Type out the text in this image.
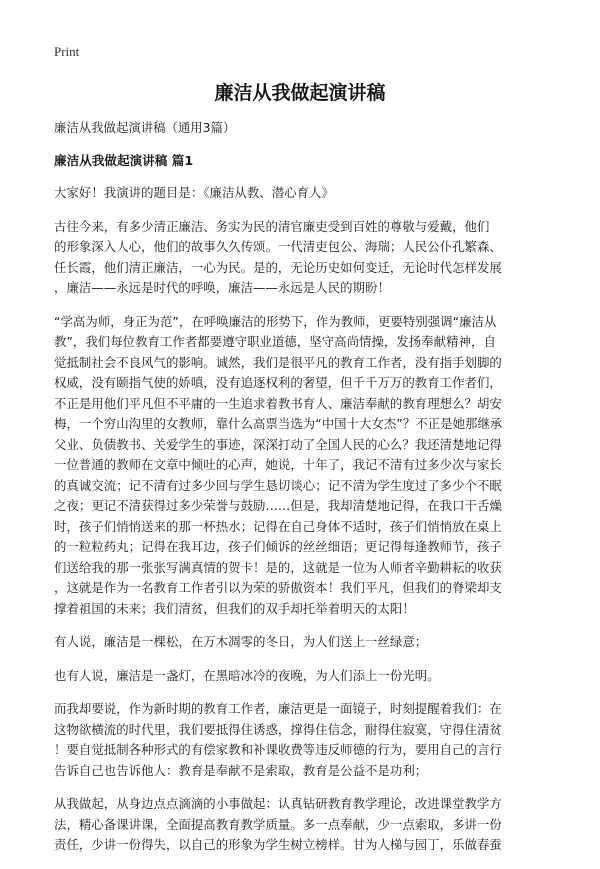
Print
廉洁从我做起演讲稿
廉洁从我做起演讲稿（通用3篇）
廉洁从我做起演讲稿 篇1
大家好！我演讲的题目是：《廉洁从教、潜心育人》
古往今来，有多少清正廉洁、务实为民的清官廉吏受到百姓的尊敬与爱戴，他们
的形象深入人心，他们的故事久久传颂。一代清吏包公、海瑞；人民公仆孔繁森、
任长霞，他们清正廉洁，一心为民。是的，无论历史如何变迁，无论时代怎样发展
，廉洁——永远是时代的呼唤，廉洁——永远是人民的期盼！
“学高为师，身正为范”，在呼唤廉洁的形势下，作为教师，更要特别强调“廉洁从
教”，我们每位教育工作者都要遵守职业道德，坚守高尚情操，发扬奉献精神，自
觉抵制社会不良风气的影响。诚然，我们是很平凡的教育工作者，没有指手划脚的
权威，没有颐指气使的娇嗔，没有追逐权利的奢望，但千千万万的教育工作者们，
不正是用他们平凡但不平庸的一生追求着教书育人、廉洁奉献的教育理想么？胡安
梅，一个穷山沟里的女教师，靠什么高票当选为“中国十大女杰”？不正是她那继承
父业、负债教书、关爱学生的事迹，深深打动了全国人民的心么？我还清楚地记得
一位普通的教师在文章中倾吐的心声，她说，十年了，我记不清有过多少次与家长
的真诚交流；记不清有过多少回与学生恳切谈心；记不清为学生度过了多少个不眠
之夜；更记不清获得过多少荣誉与鼓励……但是，我却清楚地记得，在我口干舌燥
时，孩子们悄悄送来的那一杯热水；记得在自己身体不适时，孩子们悄悄放在桌上
的一粒粒药丸；记得在我耳边，孩子们倾诉的丝丝细语；更记得每逢教师节，孩子
们送给我的那一张张写满真情的贺卡！是的，这就是一位为人师者辛勤耕耘的收获
，这就是作为一名教育工作者引以为荣的骄傲资本！我们平凡，但我们的脊梁却支
撑着祖国的未来；我们清贫，但我们的双手却托举着明天的太阳！
有人说，廉洁是一棵松，在万木凋零的冬日，为人们送上一丝绿意；
也有人说，廉洁是一盏灯，在黑暗冰冷的夜晚，为人们添上一份光明。
而我却要说，作为新时期的教育工作者，廉洁更是一面镜子，时刻提醒着我们：在
这物欲横流的时代里，我们要抵得住诱惑，撑得住信念，耐得住寂寞，守得住清贫
！要自觉抵制各种形式的有偿家教和补课收费等违反师德的行为，要用自己的言行
告诉自己也告诉他人：教育是奉献不是索取，教育是公益不是功利；
从我做起，从身边点点滴滴的小事做起：认真钻研教育教学理论，改进课堂教学方
法，精心备课讲课，全面提高教育教学质量。多一点奉献，少一点索取，多讲一份
责任，少讲一份得失，以自己的形象为学生树立榜样。甘为人梯与园丁，乐做春蚕
